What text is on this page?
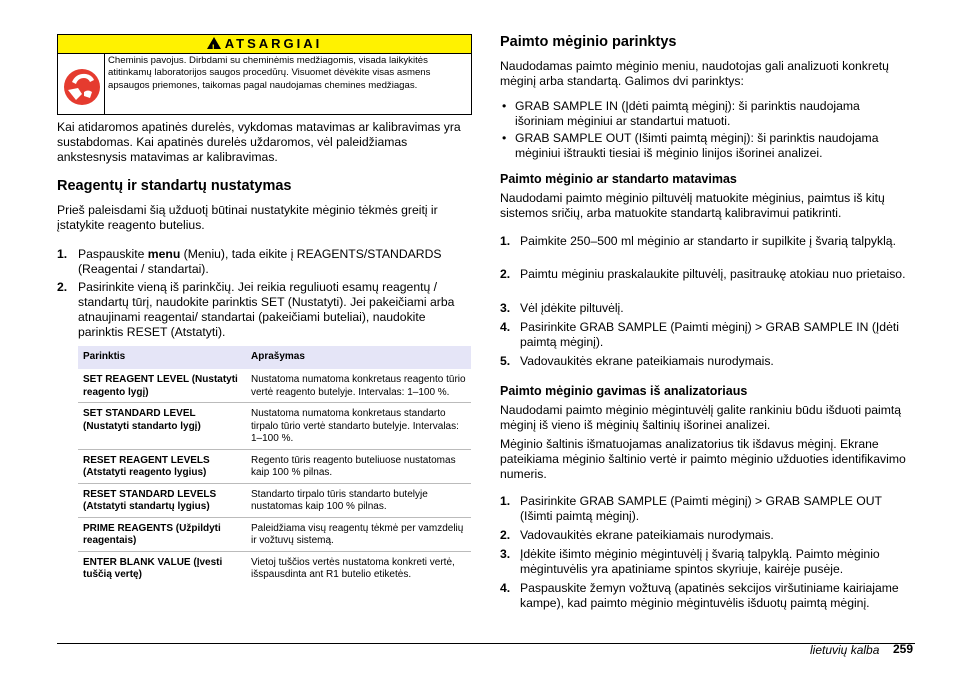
!ATSARGIAI
Cheminis pavojus. Dirbdami su cheminėmis medžiagomis, visada laikykitės atitinkamų laboratorijos saugos procedūrų. Visuomet dėvėkite visas asmens apsaugos priemones, taikomas pagal naudojamas chemines medžiagas.

Kai atidaromos apatinės durelės, vykdomas matavimas ar kalibravimas yra sustabdomas. Kai apatinės durelės uždaromos, vėl paleidžiamas ankstesnysis matavimas ar kalibravimas.

Reagentų ir standartų nustatymas

Prieš paleisdami šią užduotį būtinai nustatykite mėginio tėkmės greitį ir įstatykite reagento butelius.

1. Paspauskite menu (Meniu), tada eikite į REAGENTS/STANDARDS (Reagentai / standartai).

2. Pasirinkite vieną iš parinkčių. Jei reikia reguliuoti esamų reagentų / standartų tūrį, naudokite parinktis SET (Nustatyti). Jei pakeičiami arba atnaujinami reagentai/ standartai (pakeičiami buteliai), naudokite parinktis RESET (Atstatyti).

Parinktis	Aprašymas
SET REAGENT LEVEL (Nustatyti reagento lygį)	Nustatoma numatoma konkretaus reagento tūrio vertė reagento butelyje. Intervalas: 1–100 %.
SET STANDARD LEVEL (Nustatyti standarto lygį)	Nustatoma numatoma konkretaus standarto tirpalo tūrio vertė standarto butelyje. Intervalas: 1–100 %.
RESET REAGENT LEVELS (Atstatyti reagento lygius)	Regento tūris reagento buteliuose nustatomas kaip 100 % pilnas.
RESET STANDARD LEVELS (Atstatyti standartų lygius)	Standarto tirpalo tūris standarto butelyje nustatomas kaip 100 % pilnas.
PRIME REAGENTS (Užpildyti reagentais)	Paleidžiama visų reagentų tėkmė per vamzdelių ir vožtuvų sistemą.
ENTER BLANK VALUE (Įvesti tuščią vertę)	Vietoj tuščios vertės nustatoma konkreti vertė, išspausdinta ant R1 butelio etiketės.
Paimto mėginio parinktys

Naudodamas paimto mėginio meniu, naudotojas gali analizuoti konkretų mėginį arba standartą. Galimos dvi parinktys:

• GRAB SAMPLE IN (Įdėti paimtą mėginį): ši parinktis naudojama išoriniam mėginiui ar standartui matuoti.

• GRAB SAMPLE OUT (Išimti paimtą mėginį): ši parinktis naudojama mėginiui ištraukti tiesiai iš mėginio linijos išorinei analizei.

Paimto mėginio ar standarto matavimas

Naudodami paimto mėginio piltuvėlį matuokite mėginius, paimtus iš kitų sistemos sričių, arba matuokite standartą kalibravimui patikrinti.

1. Paimkite 250–500 ml mėginio ar standarto ir supilkite į švarią talpyklą.

2. Paimtu mėginiu praskalaukite piltuvėlį, pasitraukę atokiau nuo prietaiso.

3. Vėl įdėkite piltuvėlį.

4. Pasirinkite GRAB SAMPLE (Paimti mėginį) > GRAB SAMPLE IN (Įdėti paimtą mėginį).

5. Vadovaukitės ekrane pateikiamais nurodymais.

Paimto mėginio gavimas iš analizatoriaus

Naudodami paimto mėginio mėgintuvėlį galite rankiniu būdu išduoti paimtą mėginį iš vieno iš mėginių šaltinių išorinei analizei.

Mėginio šaltinis išmatuojamas analizatorius tik išdavus mėginį. Ekrane pateikiama mėginio šaltinio vertė ir paimto mėginio užduoties identifikavimo numeris.

1. Pasirinkite GRAB SAMPLE (Paimti mėginį) > GRAB SAMPLE OUT (Išimti paimtą mėginį).

2. Vadovaukitės ekrane pateikiamais nurodymais.

3. Įdėkite išimto mėginio mėgintuvėlį į švarią talpyklą. Paimto mėginio mėgintuvėlis yra apatiniame spintos skyriuje, kairėje pusėje.

4. Paspauskite žemyn vožtuvą (apatinės sekcijos viršutiniame kairiajame kampe), kad paimto mėginio mėgintuvėlis išduotų paimtą mėginį.

lietuvių kalba 259
